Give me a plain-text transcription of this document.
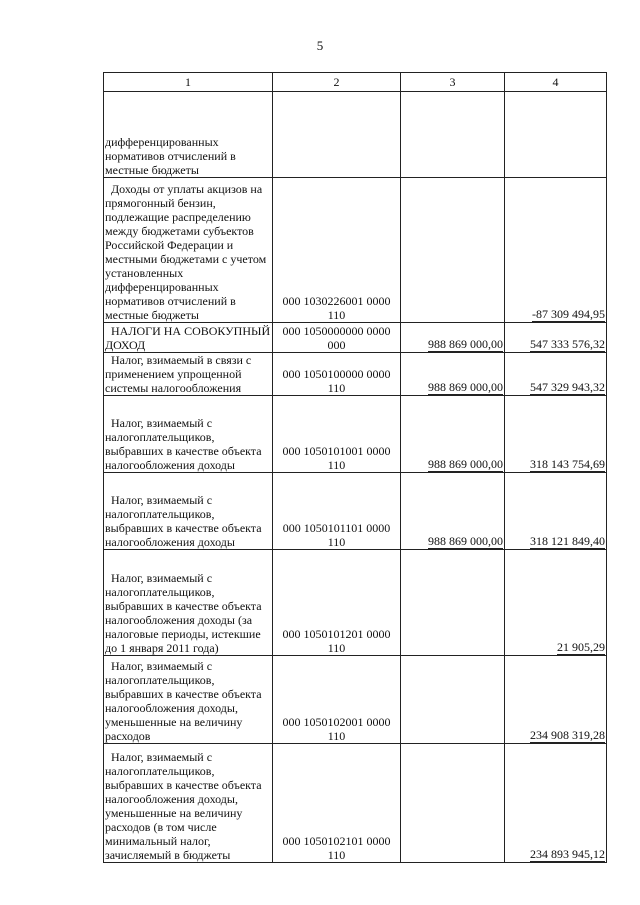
5
1	2	3	4
дифференцированных нормативов отчислений в местные бюджеты			
Доходы от уплаты акцизов на прямогонный бензин, подлежащие распределению между бюджетами субъектов Российской Федерации и местными бюджетами с учетом установленных дифференцированных нормативов отчислений в местные бюджеты	000 1030226001 0000 110		-87 309 494,95
НАЛОГИ НА СОВОКУПНЫЙ ДОХОД	000 1050000000 0000 000	988 869 000,00	547 333 576,32
Налог, взимаемый в связи с применением упрощенной системы налогообложения	000 1050100000 0000 110	988 869 000,00	547 329 943,32
Налог, взимаемый с налогоплательщиков, выбравших в качестве объекта налогообложения доходы	000 1050101001 0000 110	988 869 000,00	318 143 754,69
Налог, взимаемый с налогоплательщиков, выбравших в качестве объекта налогообложения доходы	000 1050101101 0000 110	988 869 000,00	318 121 849,40
Налог, взимаемый с налогоплательщиков, выбравших в качестве объекта налогообложения доходы (за налоговые периоды, истекшие до 1 января 2011 года)	000 1050101201 0000 110		21 905,29
Налог, взимаемый с налогоплательщиков, выбравших в качестве объекта налогообложения доходы, уменьшенные на величину расходов	000 1050102001 0000 110		234 908 319,28
Налог, взимаемый с налогоплательщиков, выбравших в качестве объекта налогообложения доходы, уменьшенные на величину расходов (в том числе минимальный налог, зачисляемый в бюджеты	000 1050102101 0000 110		234 893 945,12
